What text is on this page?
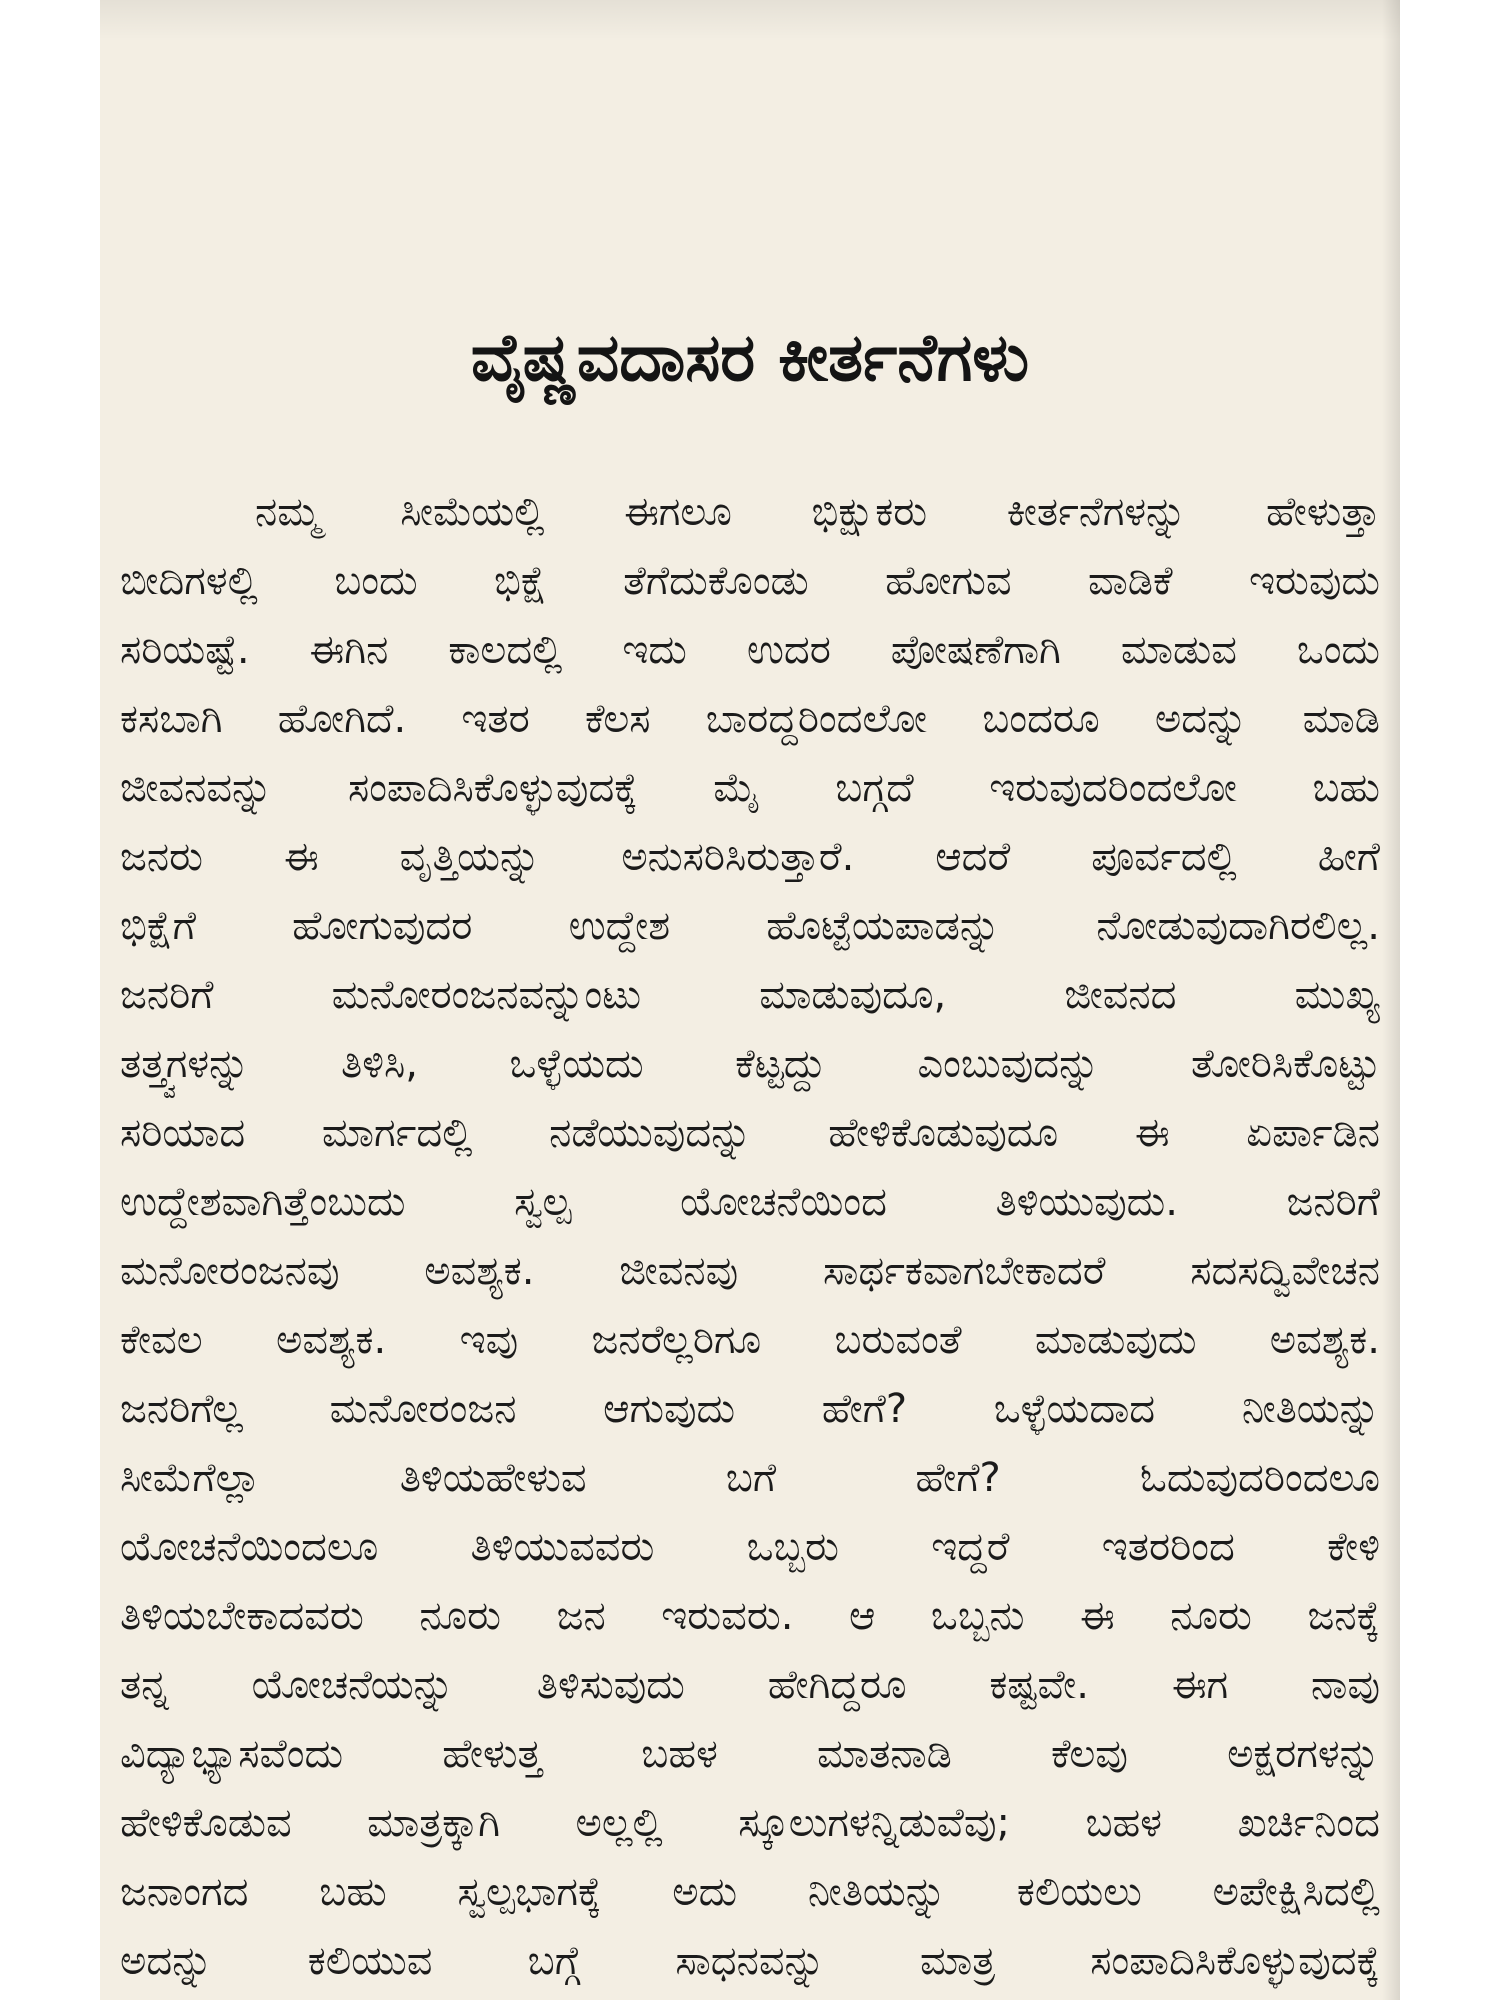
ವೈಷ್ಣವದಾಸರ ಕೀರ್ತನೆಗಳು
ನಮ್ಮ ಸೀಮೆಯಲ್ಲಿ ಈಗಲೂ ಭಿಕ್ಷುಕರು ಕೀರ್ತನೆಗಳನ್ನು ಹೇಳುತ್ತಾ
ಬೀದಿಗಳಲ್ಲಿ ಬಂದು ಭಿಕ್ಷೆ ತೆಗೆದುಕೊಂಡು ಹೋಗುವ ವಾಡಿಕೆ ಇರುವುದು
ಸರಿಯಷ್ಟೆ. ಈಗಿನ ಕಾಲದಲ್ಲಿ ಇದು ಉದರ ಪೋಷಣೆಗಾಗಿ ಮಾಡುವ ಒಂದು
ಕಸಬಾಗಿ ಹೋಗಿದೆ. ಇತರ ಕೆಲಸ ಬಾರದ್ದರಿಂದಲೋ ಬಂದರೂ ಅದನ್ನು ಮಾಡಿ
ಜೀವನವನ್ನು ಸಂಪಾದಿಸಿಕೊಳ್ಳುವುದಕ್ಕೆ ಮೈ ಬಗ್ಗದೆ ಇರುವುದರಿಂದಲೋ ಬಹು
ಜನರು ಈ ವೃತ್ತಿಯನ್ನು ಅನುಸರಿಸಿರುತ್ತಾರೆ. ಆದರೆ ಪೂರ್ವದಲ್ಲಿ ಹೀಗೆ
ಭಿಕ್ಷೆಗೆ ಹೋಗುವುದರ ಉದ್ದೇಶ ಹೊಟ್ಟೆಯಪಾಡನ್ನು ನೋಡುವುದಾಗಿರಲಿಲ್ಲ.
ಜನರಿಗೆ ಮನೋರಂಜನವನ್ನುಂಟು ಮಾಡುವುದೂ, ಜೀವನದ ಮುಖ್ಯ
ತತ್ತ್ವಗಳನ್ನು ತಿಳಿಸಿ, ಒಳ್ಳೆಯದು ಕೆಟ್ಟದ್ದು ಎಂಬುವುದನ್ನು ತೋರಿಸಿಕೊಟ್ಟು
ಸರಿಯಾದ ಮಾರ್ಗದಲ್ಲಿ ನಡೆಯುವುದನ್ನು ಹೇಳಿಕೊಡುವುದೂ ಈ ಏರ್ಪಾಡಿನ
ಉದ್ದೇಶವಾಗಿತ್ತೆಂಬುದು ಸ್ವಲ್ಪ ಯೋಚನೆಯಿಂದ ತಿಳಿಯುವುದು. ಜನರಿಗೆ
ಮನೋರಂಜನವು ಅವಶ್ಯಕ. ಜೀವನವು ಸಾರ್ಥಕವಾಗಬೇಕಾದರೆ ಸದಸದ್ವಿವೇಚನ
ಕೇವಲ ಅವಶ್ಯಕ. ಇವು ಜನರೆಲ್ಲರಿಗೂ ಬರುವಂತೆ ಮಾಡುವುದು ಅವಶ್ಯಕ.
ಜನರಿಗೆಲ್ಲ ಮನೋರಂಜನ ಆಗುವುದು ಹೇಗೆ? ಒಳ್ಳೆಯದಾದ ನೀತಿಯನ್ನು
ಸೀಮೆಗೆಲ್ಲಾ ತಿಳಿಯಹೇಳುವ ಬಗೆ ಹೇಗೆ? ಓದುವುದರಿಂದಲೂ
ಯೋಚನೆಯಿಂದಲೂ ತಿಳಿಯುವವರು ಒಬ್ಬರು ಇದ್ದರೆ ಇತರರಿಂದ ಕೇಳಿ
ತಿಳಿಯಬೇಕಾದವರು ನೂರು ಜನ ಇರುವರು. ಆ ಒಬ್ಬನು ಈ ನೂರು ಜನಕ್ಕೆ
ತನ್ನ ಯೋಚನೆಯನ್ನು ತಿಳಿಸುವುದು ಹೇಗಿದ್ದರೂ ಕಷ್ಟವೇ. ಈಗ ನಾವು
ವಿದ್ಯಾಭ್ಯಾಸವೆಂದು ಹೇಳುತ್ತ ಬಹಳ ಮಾತನಾಡಿ ಕೆಲವು ಅಕ್ಷರಗಳನ್ನು
ಹೇಳಿಕೊಡುವ ಮಾತ್ರಕ್ಕಾಗಿ ಅಲ್ಲಲ್ಲಿ ಸ್ಕೂಲುಗಳನ್ನಿಡುವೆವು; ಬಹಳ ಖರ್ಚಿನಿಂದ
ಜನಾಂಗದ ಬಹು ಸ್ವಲ್ಪಭಾಗಕ್ಕೆ ಅದು ನೀತಿಯನ್ನು ಕಲಿಯಲು ಅಪೇಕ್ಷಿಸಿದಲ್ಲಿ
ಅದನ್ನು ಕಲಿಯುವ ಬಗ್ಗೆ ಸಾಧನವನ್ನು ಮಾತ್ರ ಸಂಪಾದಿಸಿಕೊಳ್ಳುವುದಕ್ಕೆ
